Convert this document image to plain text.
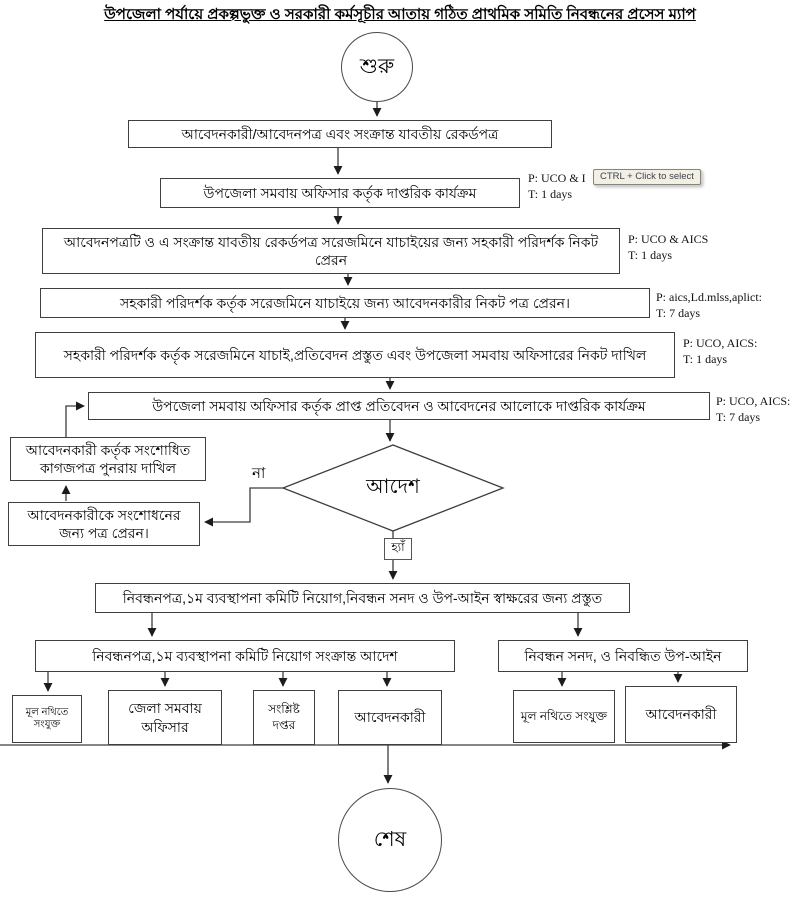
উপজেলা পর্যায়ে প্রকল্পভুক্ত ও সরকারী কর্মসূচীর আতায় গঠিত প্রাথমিক সমিতি নিবন্ধনের প্রসেস ম্যাপ
শুরু
আবেদনকারী/আবেদনপত্র এবং সংক্রান্ত যাবতীয় রেকর্ডপত্র
উপজেলা সমবায় অফিসার কর্তৃক দাপ্তরিক কার্যক্রম
P: UCO & I
T: 1 days
CTRL + Click to select
আবেদনপত্রটি ও এ সংক্রান্ত যাবতীয় রেকর্ডপত্র সরেজমিনে যাচাইয়ের জন্য সহকারী পরিদর্শক নিকট প্রেরন
P: UCO & AICS
T: 1 days
সহকারী পরিদর্শক কর্তৃক সরেজমিনে যাচাইয়ে জন্য আবেদনকারীর নিকট পত্র প্রেরন।	P: aics,Ld.mlss,aplict:
T: 7 days
সহকারী পরিদর্শক কর্তৃক সরেজমিনে যাচাই,প্রতিবেদন প্রস্তুত এবং উপজেলা সমবায় অফিসারের নিকট দাখিল
P: UCO, AICS:
T: 1 days
উপজেলা সমবায় অফিসার কর্তৃক প্রাপ্ত প্রতিবেদন ও আবেদনের আলোকে দাপ্তরিক কার্যক্রম	P: UCO, AICS:
T: 7 days
আবেদনকারী কর্তৃক সংশোধিত কাগজপত্র পুনরায় দাখিল
আবেদনকারীকে সংশোধনের জন্য পত্র প্রেরন।
আদেশ
না
হ্যাঁ
নিবন্ধনপত্র,১ম ব্যবস্থাপনা কমিটি নিয়োগ,নিবন্ধন সনদ ও উপ-আইন স্বাক্ষরের জন্য প্রস্তুত
নিবন্ধনপত্র,১ম ব্যবস্থাপনা কমিটি নিয়োগ সংক্রান্ত আদেশ	নিবন্ধন সনদ, ও নিবন্ধিত উপ-আইন
মূল নথিতে সংযুক্ত
জেলা সমবায় অফিসার
সংশ্লিষ্ট দপ্তর	আবেদনকারী	মূল নথিতে সংযুক্ত	আবেদনকারী
শেষ
